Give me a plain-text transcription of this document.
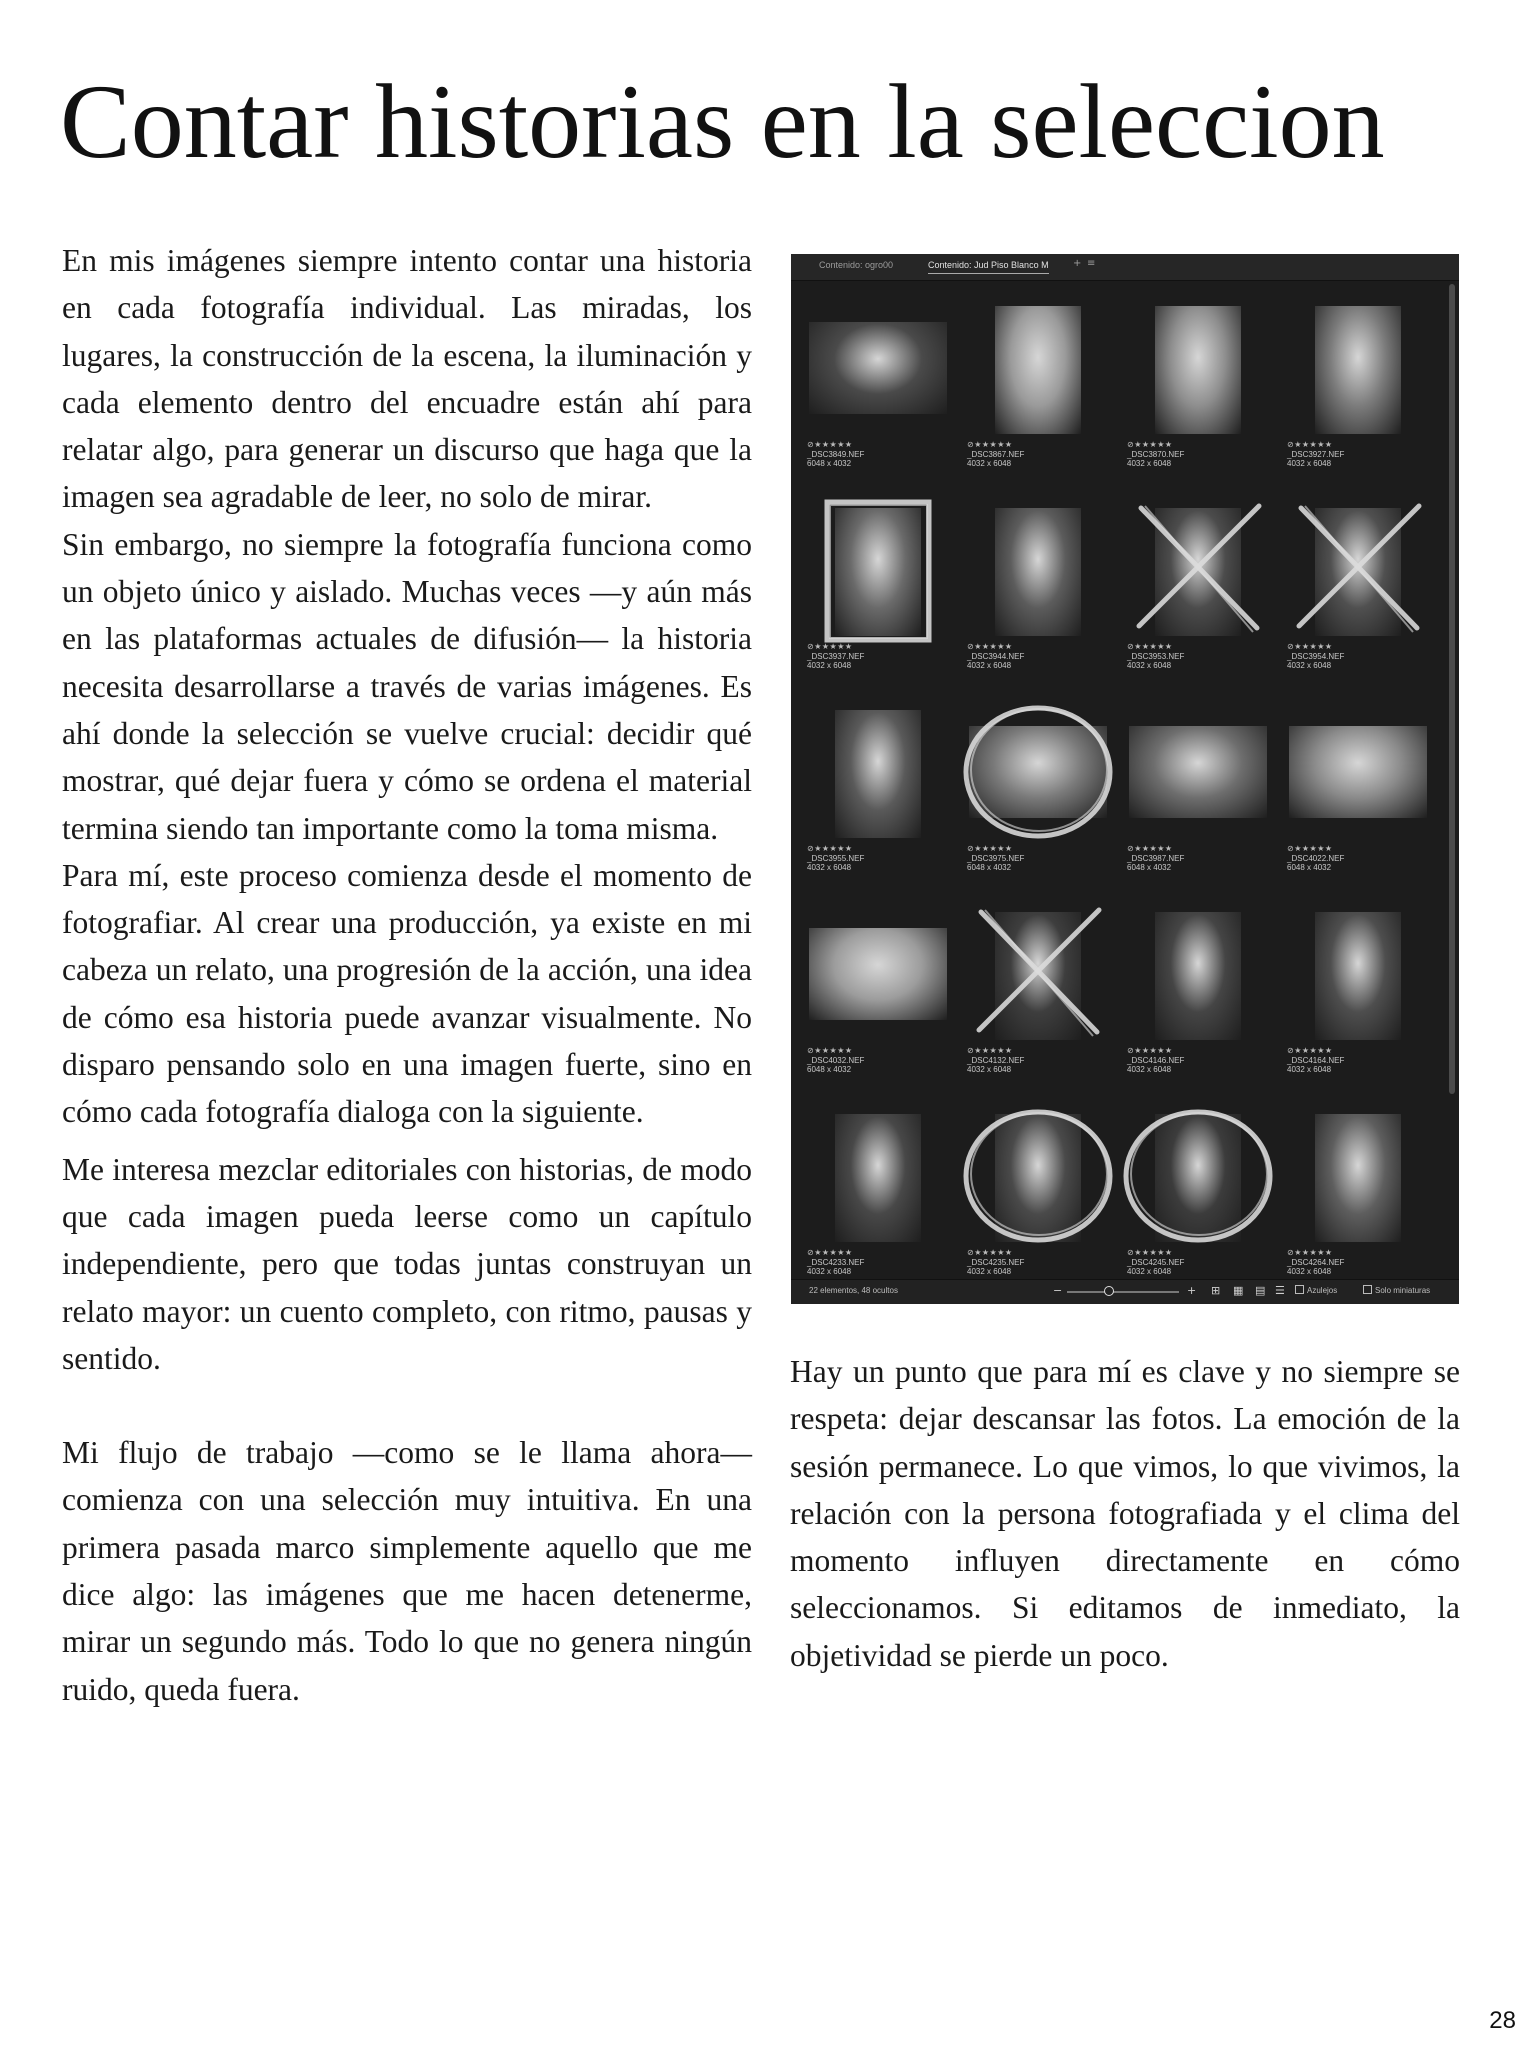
Contar historias en la seleccion

En mis imágenes siempre intento contar una historia en cada fotografía individual. Las miradas, los lugares, la construcción de la escena, la iluminación y cada elemento dentro del encuadre están ahí para relatar algo, para generar un discurso que haga que la imagen sea agradable de leer, no solo de mirar.

Sin embargo, no siempre la fotografía funciona como un objeto único y aislado. Muchas veces —y aún más en las plataformas actuales de difusión— la historia necesita desarrollarse a través de varias imágenes. Es ahí donde la selección se vuelve crucial: decidir qué mostrar, qué dejar fuera y cómo se ordena el material termina siendo tan importante como la toma misma.

Para mí, este proceso comienza desde el momento de fotografiar. Al crear una producción, ya existe en mi cabeza un relato, una progresión de la acción, una idea de cómo esa historia puede avanzar visualmente. No disparo pensando solo en una imagen fuerte, sino en cómo cada fotografía dialoga con la siguiente.

Me interesa mezclar editoriales con historias, de modo que cada imagen pueda leerse como un capítulo independiente, pero que todas juntas construyan un relato mayor: un cuento completo, con ritmo, pausas y sentido.

Mi flujo de trabajo —como se le llama ahora— comienza con una selección muy intuitiva. En una primera pasada marco simplemente aquello que me dice algo: las imágenes que me hacen detenerme, mirar un segundo más. Todo lo que no genera ningún ruido, queda fuera.

Contenido: ogro00	Contenido: Jud Piso Blanco M + ≡
⊘★★★★★
_DSC3849.NEF
6048 x 4032
⊘★★★★★
_DSC3867.NEF
4032 x 6048
⊘★★★★★
_DSC3870.NEF
4032 x 6048
⊘★★★★★
_DSC3927.NEF
4032 x 6048
⊘★★★★★
_DSC3937.NEF
4032 x 6048
⊘★★★★★
_DSC3944.NEF
4032 x 6048
⊘★★★★★
_DSC3953.NEF
4032 x 6048
⊘★★★★★
_DSC3954.NEF
4032 x 6048
⊘★★★★★
_DSC3955.NEF
4032 x 6048
⊘★★★★★
_DSC3975.NEF
6048 x 4032
⊘★★★★★
_DSC3987.NEF
6048 x 4032
⊘★★★★★
_DSC4022.NEF
6048 x 4032
⊘★★★★★
_DSC4032.NEF
6048 x 4032
⊘★★★★★
_DSC4132.NEF
4032 x 6048
⊘★★★★★
_DSC4146.NEF
4032 x 6048
⊘★★★★★
_DSC4164.NEF
4032 x 6048
⊘★★★★★
_DSC4233.NEF
4032 x 6048
⊘★★★★★
_DSC4235.NEF
4032 x 6048
⊘★★★★★
_DSC4245.NEF
4032 x 6048
⊘★★★★★
_DSC4264.NEF
4032 x 6048
22 elementos, 48 ocultos	−	+ ⊞ ▦ ▤ ☰	Azulejos	Solo miniaturas

Hay un punto que para mí es clave y no siempre se respeta: dejar descansar las fotos. La emoción de la sesión permanece. Lo que vimos, lo que vivimos, la relación con la persona fotografiada y el clima del momento influyen directamente en cómo seleccionamos. Si editamos de inmediato, la objetividad se pierde un poco.

28
